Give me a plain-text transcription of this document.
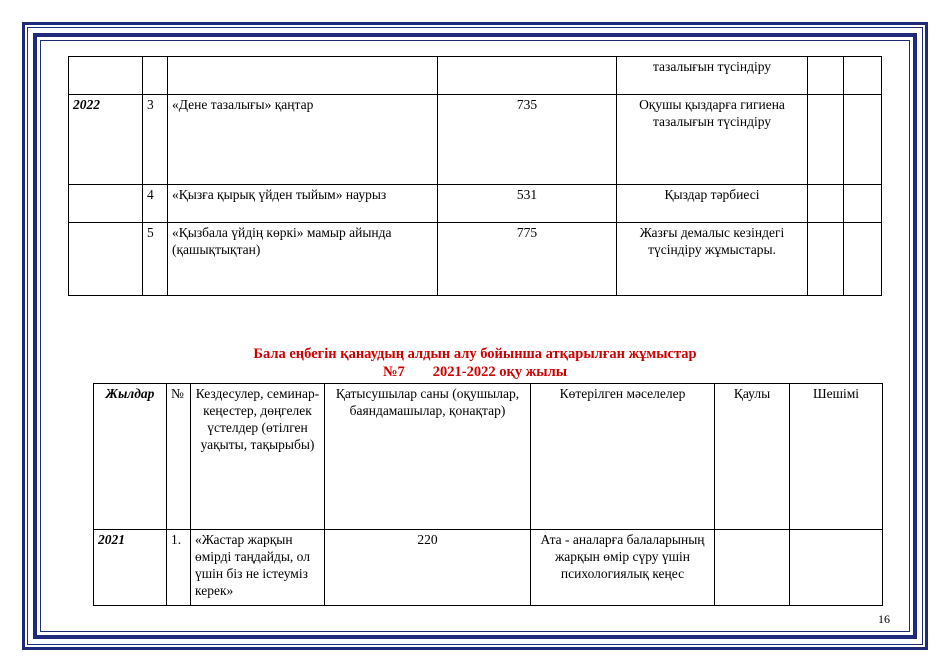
				тазалығын түсіндіру		
2022	3	«Дене тазалығы» қаңтар	735	Оқушы қыздарға гигиена тазалығын түсіндіру		
	4	«Қызға қырық үйден тыйым» наурыз	531	Қыздар тәрбиесі		
	5	«Қызбала үйдің көркі» мамыр айында (қашықтықтан)	775	Жазғы демалыс кезіндегі түсіндіру жұмыстары.		
Бала еңбегін қанаудың алдын алу бойынша атқарылған жұмыстар
№7 2021-2022 оқу жылы
Жылдар	№	Кездесулер, семинар-кеңестер, дөңгелек үстелдер (өтілген уақыты, тақырыбы)	Қатысушылар саны (оқушылар, баяндамашылар, қонақтар)	Көтерілген мәселелер	Қаулы	Шешімі
2021	1.	«Жастар жарқын өмірді таңдайды, ол үшін біз не істеуміз керек»	220	Ата - аналарға балаларының жарқын өмір сүру үшін психологиялық кеңес		
16
